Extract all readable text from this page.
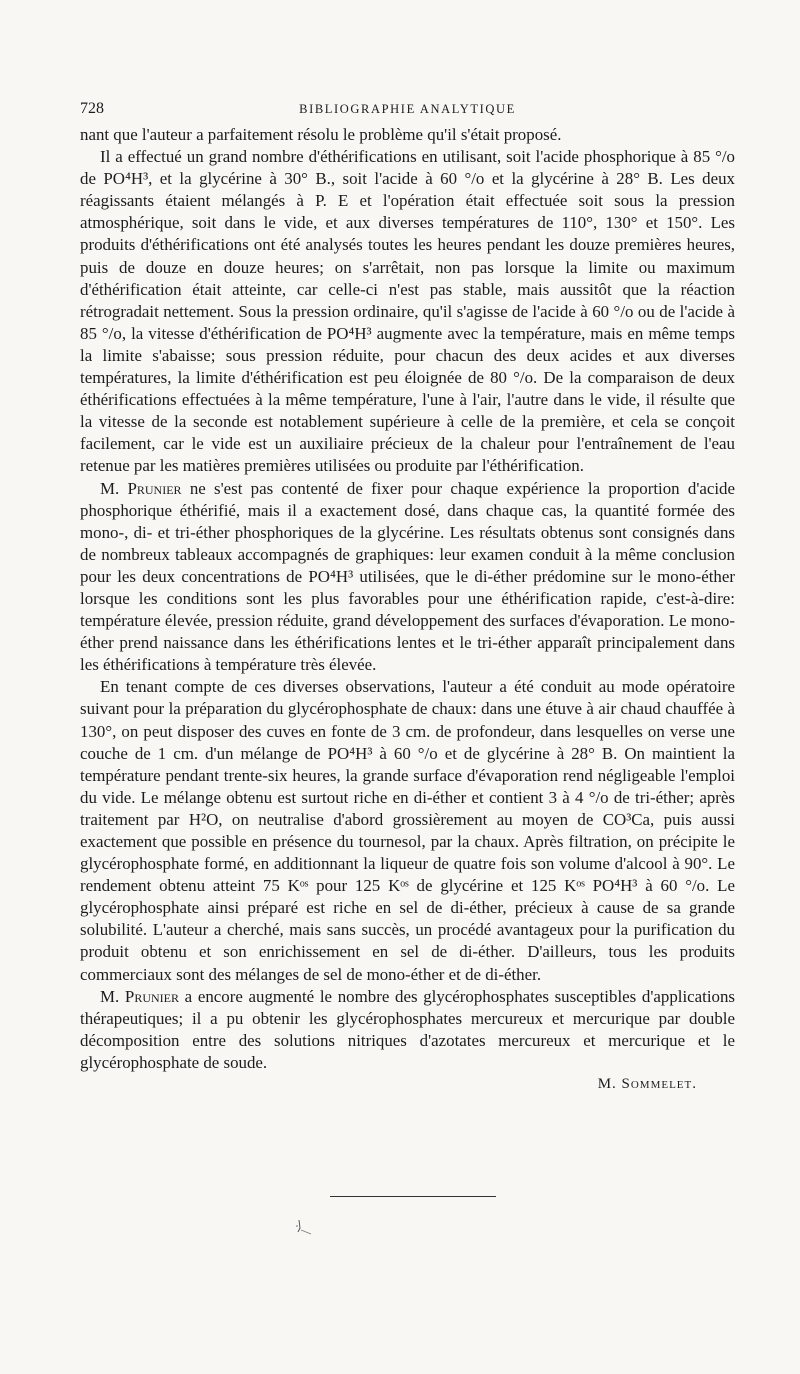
728	BIBLIOGRAPHIE ANALYTIQUE

nant que l'auteur a parfaitement résolu le problème qu'il s'était proposé.

Il a effectué un grand nombre d'éthérifications en utilisant, soit l'acide phosphorique à 85 °/o de PO⁴H³, et la glycérine à 30° B., soit l'acide à 60 °/o et la glycérine à 28° B. Les deux réagissants étaient mélangés à P. E et l'opération était effectuée soit sous la pression atmosphérique, soit dans le vide, et aux diverses températures de 110°, 130° et 150°. Les produits d'éthérifications ont été analysés toutes les heures pendant les douze premières heures, puis de douze en douze heures; on s'arrêtait, non pas lorsque la limite ou maximum d'éthérification était atteinte, car celle-ci n'est pas stable, mais aussitôt que la réaction rétrogradait nettement. Sous la pression ordinaire, qu'il s'agisse de l'acide à 60 °/o ou de l'acide à 85 °/o, la vitesse d'éthérification de PO⁴H³ augmente avec la température, mais en même temps la limite s'abaisse; sous pression réduite, pour chacun des deux acides et aux diverses températures, la limite d'éthérification est peu éloignée de 80 °/o. De la comparaison de deux éthérifications effectuées à la même température, l'une à l'air, l'autre dans le vide, il résulte que la vitesse de la seconde est notablement supérieure à celle de la première, et cela se conçoit facilement, car le vide est un auxiliaire précieux de la chaleur pour l'entraînement de l'eau retenue par les matières premières utilisées ou produite par l'éthérification.

M. Prunier ne s'est pas contenté de fixer pour chaque expérience la proportion d'acide phosphorique éthérifié, mais il a exactement dosé, dans chaque cas, la quantité formée des mono-, di- et tri-éther phosphoriques de la glycérine. Les résultats obtenus sont consignés dans de nombreux tableaux accompagnés de graphiques: leur examen conduit à la même conclusion pour les deux concentrations de PO⁴H³ utilisées, que le di-éther prédomine sur le mono-éther lorsque les conditions sont les plus favorables pour une éthérification rapide, c'est-à-dire: température élevée, pression réduite, grand développement des surfaces d'évaporation. Le mono-éther prend naissance dans les éthérifications lentes et le tri-éther apparaît principalement dans les éthérifications à température très élevée.

En tenant compte de ces diverses observations, l'auteur a été conduit au mode opératoire suivant pour la préparation du glycérophosphate de chaux: dans une étuve à air chaud chauffée à 130°, on peut disposer des cuves en fonte de 3 cm. de profondeur, dans lesquelles on verse une couche de 1 cm. d'un mélange de PO⁴H³ à 60 °/o et de glycérine à 28° B. On maintient la température pendant trente-six heures, la grande surface d'évaporation rend négligeable l'emploi du vide. Le mélange obtenu est surtout riche en di-éther et contient 3 à 4 °/o de tri-éther; après traitement par H²O, on neutralise d'abord grossièrement au moyen de CO³Ca, puis aussi exactement que possible en présence du tournesol, par la chaux. Après filtration, on précipite le glycérophosphate formé, en additionnant la liqueur de quatre fois son volume d'alcool à 90°. Le rendement obtenu atteint 75 Kᵒˢ pour 125 Kᵒˢ de glycérine et 125 Kᵒˢ PO⁴H³ à 60 °/o. Le glycérophosphate ainsi préparé est riche en sel de di-éther, précieux à cause de sa grande solubilité. L'auteur a cherché, mais sans succès, un procédé avantageux pour la purification du produit obtenu et son enrichissement en sel de di-éther. D'ailleurs, tous les produits commerciaux sont des mélanges de sel de mono-éther et de di-éther.

M. Prunier a encore augmenté le nombre des glycérophosphates susceptibles d'applications thérapeutiques; il a pu obtenir les glycérophosphates mercureux et mercurique par double décomposition entre des solutions nitriques d'azotates mercureux et mercurique et le glycérophosphate de soude.

M. Sommelet.
